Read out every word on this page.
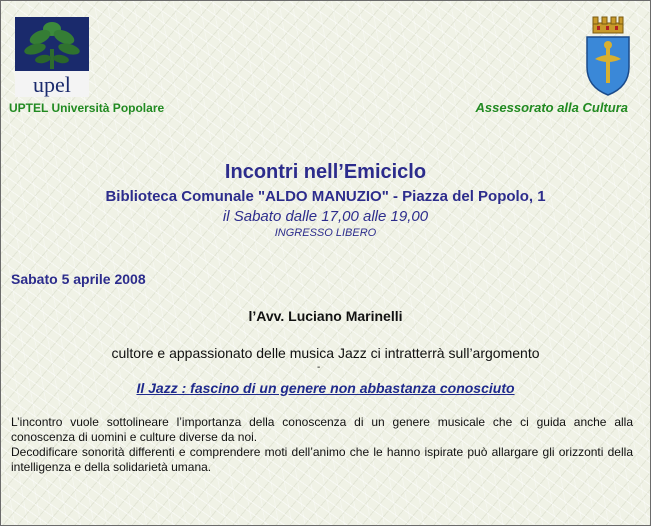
upel
UPTEL Università Popolare	Assessorato alla Cultura
Incontri nell’Emiciclo
Biblioteca Comunale "ALDO MANUZIO" - Piazza del Popolo, 1
il Sabato dalle 17,00 alle 19,00
INGRESSO LIBERO
Sabato 5 aprile 2008
l’Avv. Luciano Marinelli
cultore e appassionato delle musica Jazz ci intratterrà sull’argomento
-
Il Jazz : fascino di un genere non abbastanza conosciuto

L’incontro vuole sottolineare l’importanza della conoscenza di un genere musicale che ci guida anche alla conoscenza di uomini e culture diverse da noi.

Decodificare sonorità differenti e comprendere moti dell’animo che le hanno ispirate può allargare gli orizzonti della intelligenza e della solidarietà umana.
